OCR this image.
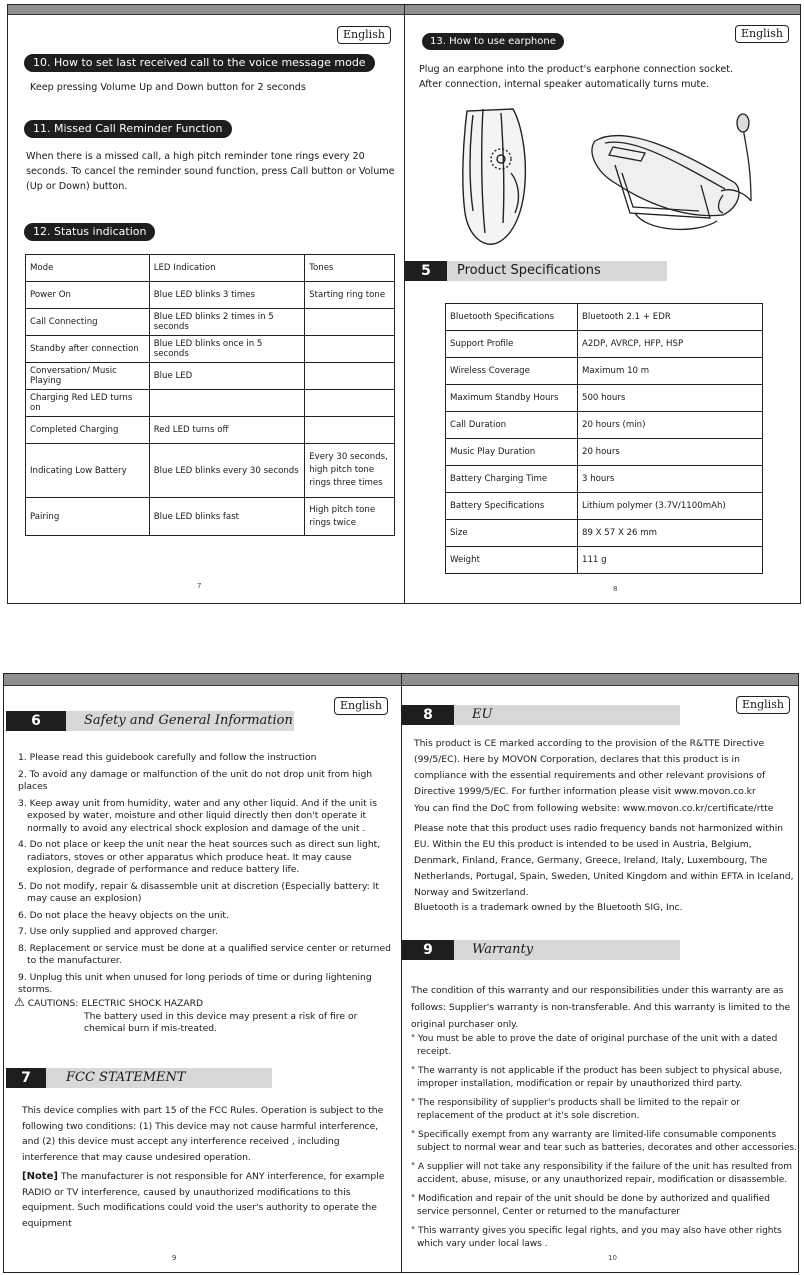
English
10. How to set last received call to the voice message mode
Keep pressing Volume Up and Down button for 2 seconds
11. Missed Call Reminder Function
When there is a missed call, a high pitch reminder tone rings every 20 seconds. To cancel the reminder sound function, press Call button or Volume (Up or Down) button.
12. Status indication
Mode	LED Indication	Tones
Power On	Blue LED blinks 3 times	Starting ring tone
Call Connecting	Blue LED blinks 2 times in 5 seconds	
Standby after connection	Blue LED blinks once in 5 seconds	
Conversation/ Music Playing	Blue LED	
Charging Red LED turns on		
Completed Charging	Red LED turns off	
Indicating Low Battery	Blue LED blinks every 30 seconds	Every 30 seconds, high pitch tone rings three times
Pairing	Blue LED blinks fast	High pitch tone rings twice
7
English
13. How to use earphone
Plug an earphone into the product's earphone connection socket.
After connection, internal speaker automatically turns mute.
5	Product Specifications
Bluetooth Specifications	Bluetooth 2.1 + EDR
Support Profile	A2DP, AVRCP, HFP, HSP
Wireless Coverage	Maximum 10 m
Maximum Standby Hours	500 hours
Call Duration	20 hours (min)
Music Play Duration	20 hours
Battery Charging Time	3 hours
Battery Specifications	Lithium polymer (3.7V/1100mAh)
Size	89 X 57 X 26 mm
Weight	111 g
8
English
6	Safety and General Information
1. Please read this guidebook carefully and follow the instruction
2. To avoid any damage or malfunction of the unit do not drop unit from high places
3. Keep away unit from humidity, water and any other liquid. And if the unit is exposed by water, moisture and other liquid directly then don't operate it normally to avoid any electrical shock explosion and damage of the unit .
4. Do not place or keep the unit near the heat sources such as direct sun light, radiators, stoves or other apparatus which produce heat. It may cause explosion, degrade of performance and reduce battery life.
5. Do not modify, repair & disassemble unit at discretion (Especially battery: It may cause an explosion)
6. Do not place the heavy objects on the unit.
7. Use only supplied and approved charger.
8. Replacement or service must be done at a qualified service center or returned to the manufacturer.
9. Unplug this unit when unused for long periods of time or during lightening storms.
⚠ CAUTIONS: ELECTRIC SHOCK HAZARD
The battery used in this device may present a risk of fire or chemical burn if mis-treated.
7	FCC STATEMENT
This device complies with part 15 of the FCC Rules. Operation is subject to the following two conditions: (1) This device may not cause harmful interference, and (2) this device must accept any interference received , including interference that may cause undesired operation.
[Note] The manufacturer is not responsible for ANY interference, for example RADIO or TV interference, caused by unauthorized modifications to this equipment. Such modifications could void the user's authority to operate the equipment
9
English
8	EU
This product is CE marked according to the provision of the R&TTE Directive (99/5/EC). Here by MOVON Corporation, declares that this product is in compliance with the essential requirements and other relevant provisions of Directive 1999/5/EC. For further information please visit www.movon.co.kr
You can find the DoC from following website: www.movon.co.kr/certificate/rtte
Please note that this product uses radio frequency bands not harmonized within EU. Within the EU this product is intended to be used in Austria, Belgium, Denmark, Finland, France, Germany, Greece, Ireland, Italy, Luxembourg, The Netherlands, Portugal, Spain, Sweden, United Kingdom and within EFTA in Iceland, Norway and Switzerland.
Bluetooth is a trademark owned by the Bluetooth SIG, Inc.
9	Warranty
The condition of this warranty and our responsibilities under this warranty are as follows: Supplier's warranty is non-transferable. And this warranty is limited to the original purchaser only.
" You must be able to prove the date of original purchase of the unit with a dated receipt.
" The warranty is not applicable if the product has been subject to physical abuse, improper installation, modification or repair by unauthorized third party.
" The responsibility of supplier's products shall be limited to the repair or replacement of the product at it's sole discretion.
" Specifically exempt from any warranty are limited-life consumable components subject to normal wear and tear such as batteries, decorates and other accessories.
" A supplier will not take any responsibility if the failure of the unit has resulted from accident, abuse, misuse, or any unauthorized repair, modification or disassemble.
" Modification and repair of the unit should be done by authorized and qualified service personnel, Center or returned to the manufacturer
" This warranty gives you specific legal rights, and you may also have other rights which vary under local laws .
10
